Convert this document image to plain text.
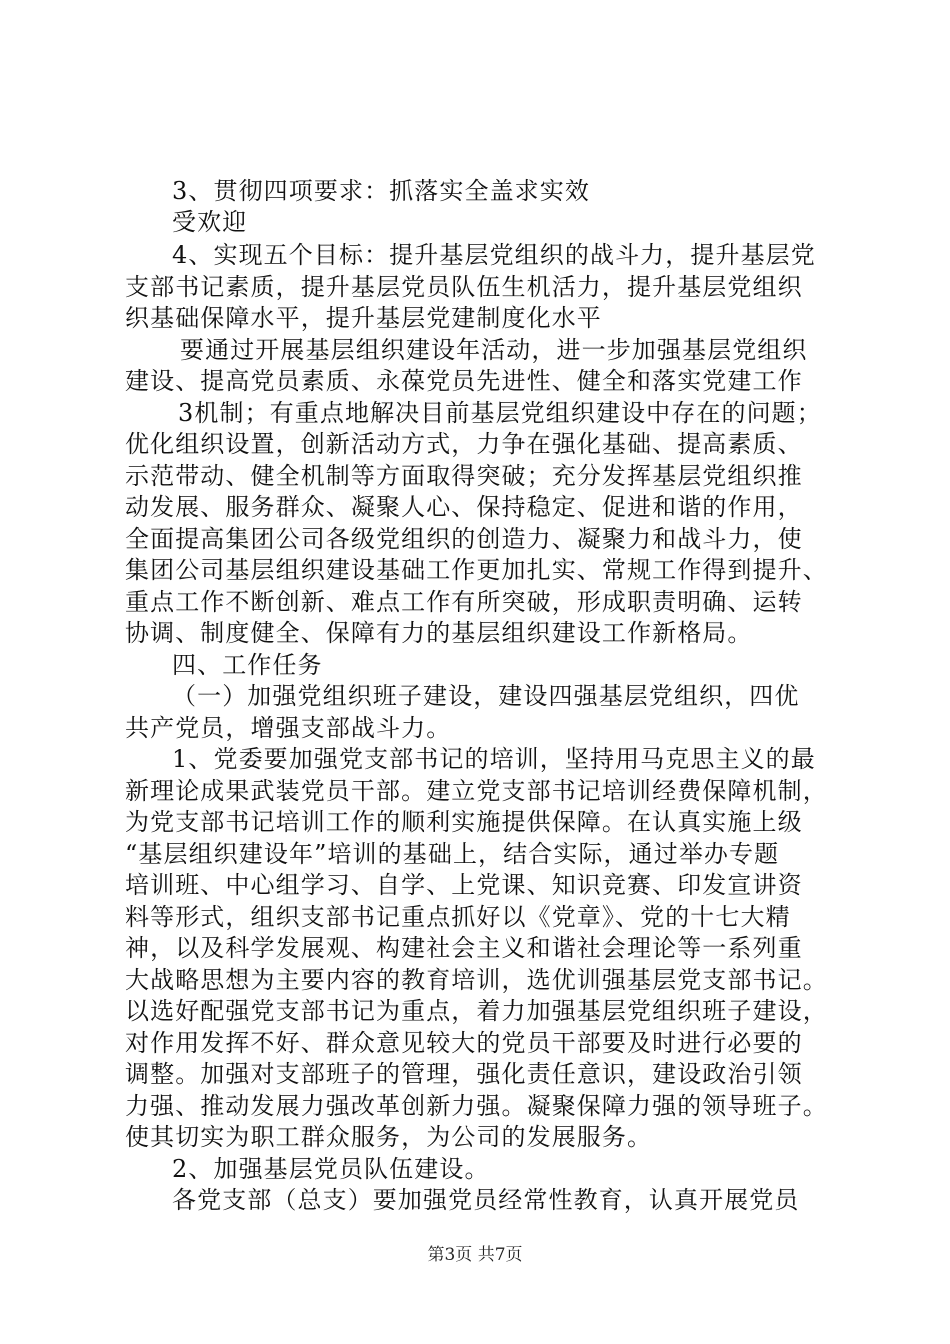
3、贯彻四项要求：抓落实全盖求实效
受欢迎
4、实现五个目标：提升基层党组织的战斗力，提升基层党
支部书记素质，提升基层党员队伍生机活力，提升基层党组织
织基础保障水平，提升基层党建制度化水平
要通过开展基层组织建设年活动，进一步加强基层党组织
建设、提高党员素质、永葆党员先进性、健全和落实党建工作
3机制；有重点地解决目前基层党组织建设中存在的问题；
优化组织设置，创新活动方式，力争在强化基础、提高素质、
示范带动、健全机制等方面取得突破；充分发挥基层党组织推
动发展、服务群众、凝聚人心、保持稳定、促进和谐的作用，
全面提高集团公司各级党组织的创造力、凝聚力和战斗力，使
集团公司基层组织建设基础工作更加扎实、常规工作得到提升、
重点工作不断创新、难点工作有所突破，形成职责明确、运转
协调、制度健全、保障有力的基层组织建设工作新格局。
四、工作任务
（一）加强党组织班子建设，建设四强基层党组织，四优
共产党员，增强支部战斗力。
1、党委要加强党支部书记的培训，坚持用马克思主义的最
新理论成果武装党员干部。建立党支部书记培训经费保障机制，
为党支部书记培训工作的顺利实施提供保障。在认真实施上级
“基层组织建设年”培训的基础上，结合实际，通过举办专题
培训班、中心组学习、自学、上党课、知识竞赛、印发宣讲资
料等形式，组织支部书记重点抓好以《党章》、党的十七大精
神，以及科学发展观、构建社会主义和谐社会理论等一系列重
大战略思想为主要内容的教育培训，选优训强基层党支部书记。
以选好配强党支部书记为重点，着力加强基层党组织班子建设，
对作用发挥不好、群众意见较大的党员干部要及时进行必要的
调整。加强对支部班子的管理，强化责任意识，建设政治引领
力强、推动发展力强改革创新力强。凝聚保障力强的领导班子。
使其切实为职工群众服务，为公司的发展服务。
2、加强基层党员队伍建设。
各党支部（总支）要加强党员经常性教育，认真开展党员
第3页 共7页
